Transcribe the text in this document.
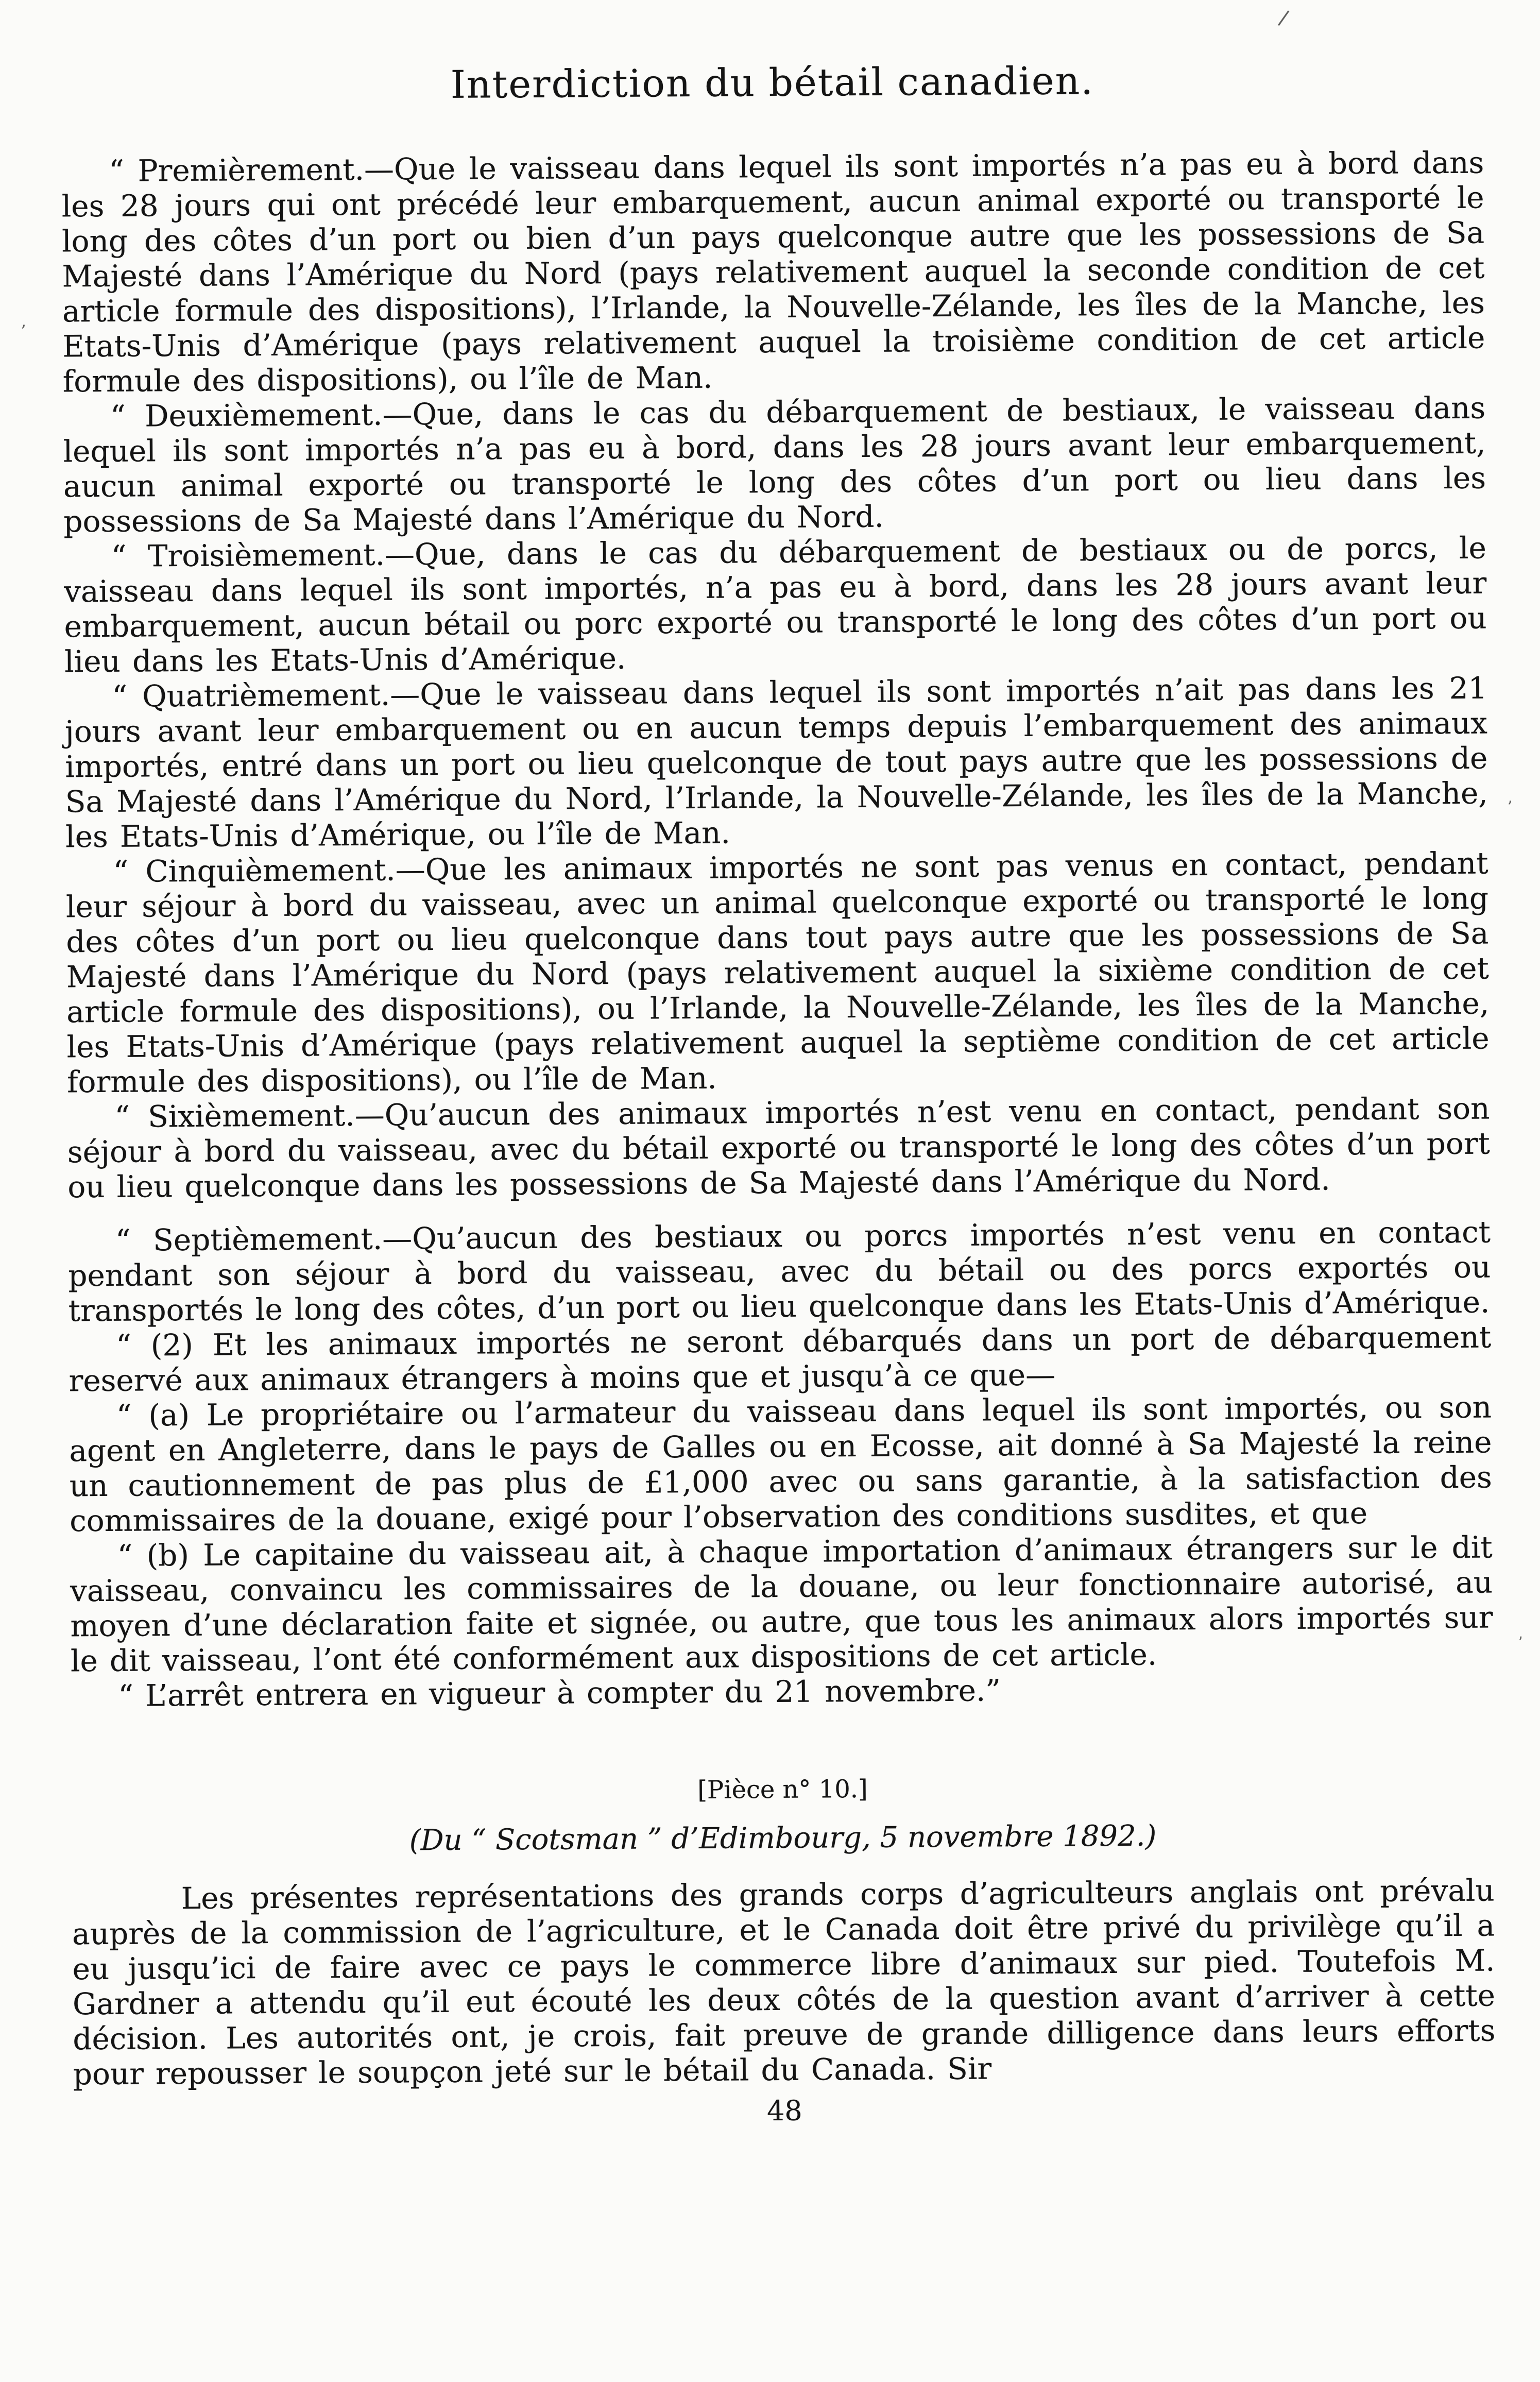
/
’
‚
’
Interdiction du bétail canadien.

“ Premièrement.—Que le vaisseau dans lequel ils sont importés n’a pas eu à bord dans les 28 jours qui ont précédé leur embarquement, aucun animal exporté ou transporté le long des côtes d’un port ou bien d’un pays quelconque autre que les possessions de Sa Majesté dans l’Amérique du Nord (pays relativement auquel la seconde condition de cet article formule des dispositions), l’Irlande, la Nouvelle-Zélande, les îles de la Manche, les Etats-Unis d’Amérique (pays relativement auquel la troisième condition de cet article formule des dispositions), ou l’île de Man.

“ Deuxièmement.—Que, dans le cas du débarquement de bestiaux, le vaisseau dans lequel ils sont importés n’a pas eu à bord, dans les 28 jours avant leur embarquement, aucun animal exporté ou transporté le long des côtes d’un port ou lieu dans les possessions de Sa Majesté dans l’Amérique du Nord.

“ Troisièmement.—Que, dans le cas du débarquement de bestiaux ou de porcs, le vaisseau dans lequel ils sont importés, n’a pas eu à bord, dans les 28 jours avant leur embarquement, aucun bétail ou porc exporté ou transporté le long des côtes d’un port ou lieu dans les Etats-Unis d’Amérique.

“ Quatrièmement.—Que le vaisseau dans lequel ils sont importés n’ait pas dans les 21 jours avant leur embarquement ou en aucun temps depuis l’embarquement des animaux importés, entré dans un port ou lieu quelconque de tout pays autre que les possessions de Sa Majesté dans l’Amérique du Nord, l’Irlande, la Nouvelle-Zélande, les îles de la Manche, les Etats-Unis d’Amérique, ou l’île de Man.

“ Cinquièmement.—Que les animaux importés ne sont pas venus en contact, pendant leur séjour à bord du vaisseau, avec un animal quelconque exporté ou transporté le long des côtes d’un port ou lieu quelconque dans tout pays autre que les possessions de Sa Majesté dans l’Amérique du Nord (pays relativement auquel la sixième condition de cet article formule des dispositions), ou l’Irlande, la Nouvelle-Zélande, les îles de la Manche, les Etats-Unis d’Amérique (pays relativement auquel la septième condition de cet article formule des dispositions), ou l’île de Man.

“ Sixièmement.—Qu’aucun des animaux importés n’est venu en contact, pendant son séjour à bord du vaisseau, avec du bétail exporté ou transporté le long des côtes d’un port ou lieu quelconque dans les possessions de Sa Majesté dans l’Amérique du Nord.

“ Septièmement.—Qu’aucun des bestiaux ou porcs importés n’est venu en contact pendant son séjour à bord du vaisseau, avec du bétail ou des porcs exportés ou transportés le long des côtes, d’un port ou lieu quelconque dans les Etats-Unis d’Amérique.

“ (2) Et les animaux importés ne seront débarqués dans un port de débarquement reservé aux animaux étrangers à moins que et jusqu’à ce que—

“ (a) Le propriétaire ou l’armateur du vaisseau dans lequel ils sont importés, ou son agent en Angleterre, dans le pays de Galles ou en Ecosse, ait donné à Sa Majesté la reine un cautionnement de pas plus de £1,000 avec ou sans garantie, à la satisfaction des commissaires de la douane, exigé pour l’observation des conditions susdites, et que

“ (b) Le capitaine du vaisseau ait, à chaque importation d’animaux étrangers sur le dit vaisseau, convaincu les commissaires de la douane, ou leur fonctionnaire autorisé, au moyen d’une déclaration faite et signée, ou autre, que tous les animaux alors importés sur le dit vaisseau, l’ont été conformément aux dispositions de cet article.

“ L’arrêt entrera en vigueur à compter du 21 novembre.”

[Pièce n° 10.]
(Du “ Scotsman ” d’Edimbourg, 5 novembre 1892.)

Les présentes représentations des grands corps d’agriculteurs anglais ont prévalu auprès de la commission de l’agriculture, et le Canada doit être privé du privilège qu’il a eu jusqu’ici de faire avec ce pays le commerce libre d’animaux sur pied. Toutefois M. Gardner a attendu qu’il eut écouté les deux côtés de la question avant d’arriver à cette décision. Les autorités ont, je crois, fait preuve de grande dilligence dans leurs efforts pour repousser le soupçon jeté sur le bétail du Canada. Sir

48
